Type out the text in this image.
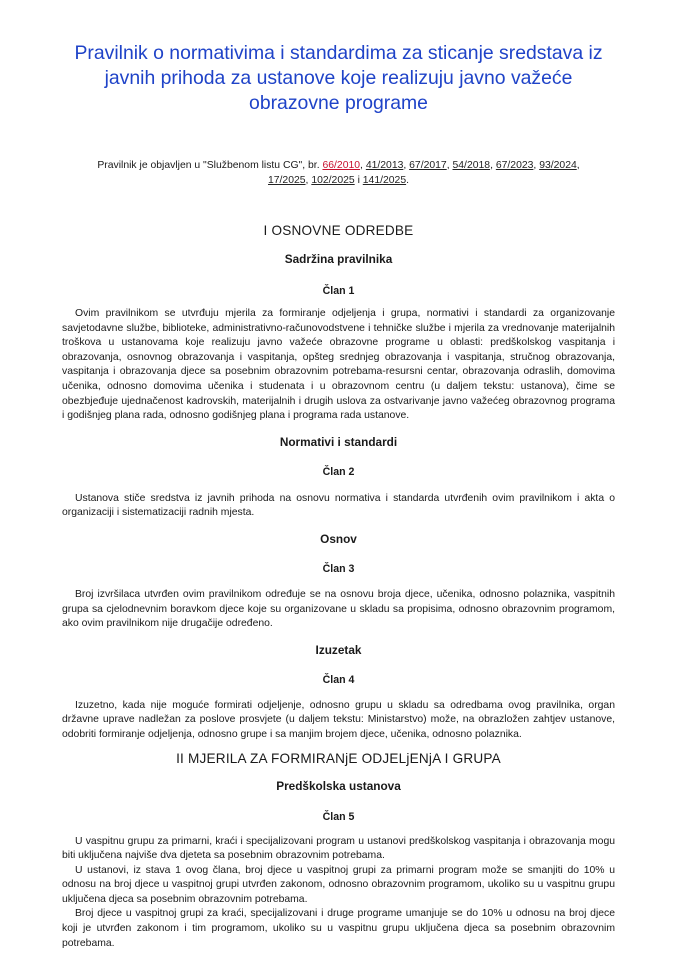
Pravilnik o normativima i standardima za sticanje sredstava iz javnih prihoda za ustanove koje realizuju javno važeće obrazovne programe

Pravilnik je objavljen u "Službenom listu CG", br. 66/2010, 41/2013, 67/2017, 54/2018, 67/2023, 93/2024,
17/2025, 102/2025 i 141/2025.

I OSNOVNE ODREDBE
Sadržina pravilnika
Član 1

Ovim pravilnikom se utvrđuju mjerila za formiranje odjeljenja i grupa, normativi i standardi za organizovanje savjetodavne službe, biblioteke, administrativno-računovodstvene i tehničke službe i mjerila za vrednovanje materijalnih troškova u ustanovama koje realizuju javno važeće obrazovne programe u oblasti: predškolskog vaspitanja i obrazovanja, osnovnog obrazovanja i vaspitanja, opšteg srednjeg obrazovanja i vaspitanja, stručnog obrazovanja, vaspitanja i obrazovanja djece sa posebnim obrazovnim potrebama-resursni centar, obrazovanja odraslih, domovima učenika, odnosno domovima učenika i studenata i u obrazovnom centru (u daljem tekstu: ustanova), čime se obezbjeđuje ujednačenost kadrovskih, materijalnih i drugih uslova za ostvarivanje javno važećeg obrazovnog programa i godišnjeg plana rada, odnosno godišnjeg plana i programa rada ustanove.

Normativi i standardi
Član 2

Ustanova stiče sredstva iz javnih prihoda na osnovu normativa i standarda utvrđenih ovim pravilnikom i akta o organizaciji i sistematizaciji radnih mjesta.

Osnov
Član 3

Broj izvršilaca utvrđen ovim pravilnikom određuje se na osnovu broja djece, učenika, odnosno polaznika, vaspitnih grupa sa cjelodnevnim boravkom djece koje su organizovane u skladu sa propisima, odnosno obrazovnim programom, ako ovim pravilnikom nije drugačije određeno.

Izuzetak
Član 4

Izuzetno, kada nije moguće formirati odjeljenje, odnosno grupu u skladu sa odredbama ovog pravilnika, organ državne uprave nadležan za poslove prosvjete (u daljem tekstu: Ministarstvo) može, na obrazložen zahtjev ustanove, odobriti formiranje odjeljenja, odnosno grupe i sa manjim brojem djece, učenika, odnosno polaznika.

II MJERILA ZA FORMIRANjE ODJELjENjA I GRUPA
Predškolska ustanova
Član 5

U vaspitnu grupu za primarni, kraći i specijalizovani program u ustanovi predškolskog vaspitanja i obrazovanja mogu biti uključena najviše dva djeteta sa posebnim obrazovnim potrebama.

U ustanovi, iz stava 1 ovog člana, broj djece u vaspitnoj grupi za primarni program može se smanjiti do 10% u odnosu na broj djece u vaspitnoj grupi utvrđen zakonom, odnosno obrazovnim programom, ukoliko su u vaspitnu grupu uključena djeca sa posebnim obrazovnim potrebama.

Broj djece u vaspitnoj grupi za kraći, specijalizovani i druge programe umanjuje se do 10% u odnosu na broj djece koji je utvrđen zakonom i tim programom, ukoliko su u vaspitnu grupu uključena djeca sa posebnim obrazovnim potrebama.
